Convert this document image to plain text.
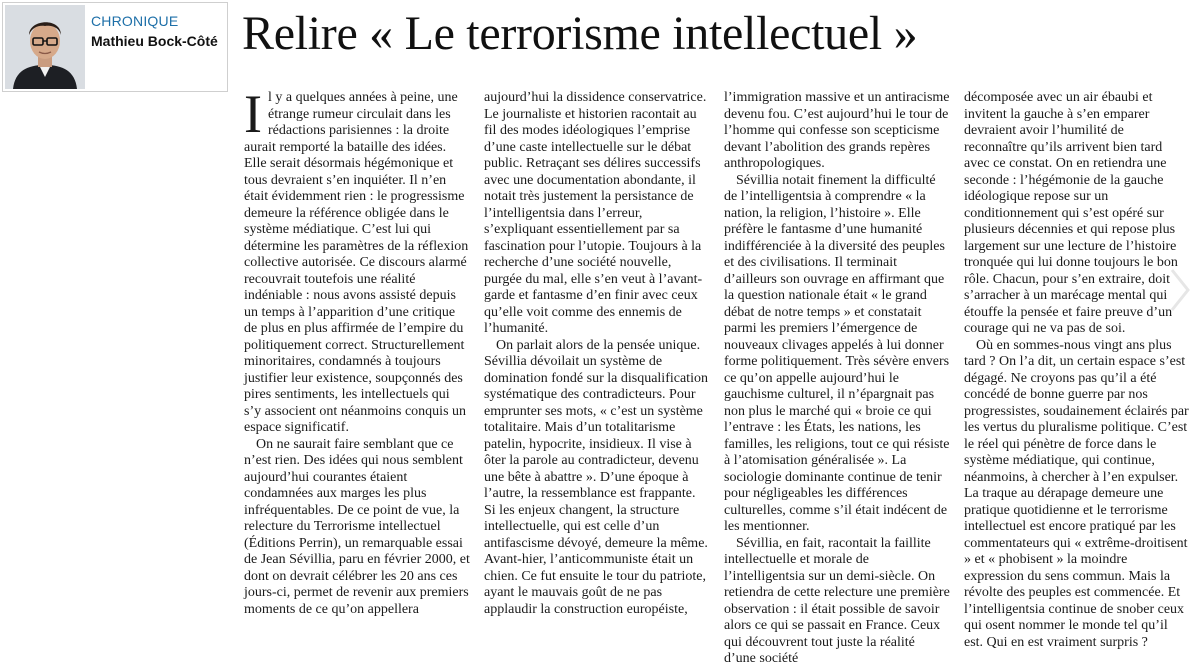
CHRONIQUE
Mathieu Bock-Côté Relire « Le terrorisme intellectuel »

Il y a quelques années à peine, une étrange rumeur circulait dans les rédactions parisiennes : la droite aurait remporté la bataille des idées. Elle serait désormais hégémonique et tous devraient s’en inquiéter. Il n’en était évidemment rien : le progressisme demeure la référence obligée dans le système médiatique. C’est lui qui détermine les paramètres de la réflexion collective autorisée. Ce discours alarmé recouvrait toutefois une réalité indéniable : nous avons assisté depuis un temps à l’apparition d’une critique de plus en plus affirmée de l’empire du politiquement correct. Structurellement minoritaires, condamnés à toujours justifier leur existence, soupçonnés des pires sentiments, les intellectuels qui s’y associent ont néanmoins conquis un espace significatif.

On ne saurait faire semblant que ce n’est rien. Des idées qui nous semblent aujourd’hui courantes étaient condamnées aux marges les plus infréquentables. De ce point de vue, la relecture du Terrorisme intellectuel (Éditions Perrin), un remarquable essai de Jean Sévillia, paru en février 2000, et dont on devrait célébrer les 20 ans ces jours-ci, permet de revenir aux premiers moments de ce qu’on appellera

aujourd’hui la dissidence conservatrice. Le journaliste et historien racontait au fil des modes idéologiques l’emprise d’une caste intellectuelle sur le débat public. Retraçant ses délires successifs avec une documentation abondante, il notait très justement la persistance de l’intelligentsia dans l’erreur, s’expliquant essentiellement par sa fascination pour l’utopie. Toujours à la recherche d’une société nouvelle, purgée du mal, elle s’en veut à l’avant-garde et fantasme d’en finir avec ceux qu’elle voit comme des ennemis de l’humanité.

On parlait alors de la pensée unique. Sévillia dévoilait un système de domination fondé sur la disqualification systématique des contradicteurs. Pour emprunter ses mots, « c’est un système totalitaire. Mais d’un totalitarisme patelin, hypocrite, insidieux. Il vise à ôter la parole au contradicteur, devenu une bête à abattre ». D’une époque à l’autre, la ressemblance est frappante. Si les enjeux changent, la structure intellectuelle, qui est celle d’un antifascisme dévoyé, demeure la même. Avant-hier, l’anticommuniste était un chien. Ce fut ensuite le tour du patriote, ayant le mauvais goût de ne pas applaudir la construction européiste,

l’immigration massive et un antiracisme devenu fou. C’est aujourd’hui le tour de l’homme qui confesse son scepticisme devant l’abolition des grands repères anthropologiques.

Sévillia notait finement la difficulté de l’intelligentsia à comprendre « la nation, la religion, l’histoire ». Elle préfère le fantasme d’une humanité indifférenciée à la diversité des peuples et des civilisations. Il terminait d’ailleurs son ouvrage en affirmant que la question nationale était « le grand débat de notre temps » et constatait parmi les premiers l’émergence de nouveaux clivages appelés à lui donner forme politiquement. Très sévère envers ce qu’on appelle aujourd’hui le gauchisme culturel, il n’épargnait pas non plus le marché qui « broie ce qui l’entrave : les États, les nations, les familles, les religions, tout ce qui résiste à l’atomisation généralisée ». La sociologie dominante continue de tenir pour négligeables les différences culturelles, comme s’il était indécent de les mentionner.

Sévillia, en fait, racontait la faillite intellectuelle et morale de l’intelligentsia sur un demi-siècle. On retiendra de cette relecture une première observation : il était possible de savoir alors ce qui se passait en France. Ceux qui découvrent tout juste la réalité d’une société

décomposée avec un air ébaubi et invitent la gauche à s’en emparer devraient avoir l’humilité de reconnaître qu’ils arrivent bien tard avec ce constat. On en retiendra une seconde : l’hégémonie de la gauche idéologique repose sur un conditionnement qui s’est opéré sur plusieurs décennies et qui repose plus largement sur une lecture de l’histoire tronquée qui lui donne toujours le bon rôle. Chacun, pour s’en extraire, doit s’arracher à un marécage mental qui étouffe la pensée et faire preuve d’un courage qui ne va pas de soi.

Où en sommes-nous vingt ans plus tard ? On l’a dit, un certain espace s’est dégagé. Ne croyons pas qu’il a été concédé de bonne guerre par nos progressistes, soudainement éclairés par les vertus du pluralisme politique. C’est le réel qui pénètre de force dans le système médiatique, qui continue, néanmoins, à chercher à l’en expulser. La traque au dérapage demeure une pratique quotidienne et le terrorisme intellectuel est encore pratiqué par les commentateurs qui « extrême-droitisent » et « phobisent » la moindre expression du sens commun. Mais la révolte des peuples est commencée. Et l’intelligentsia continue de snober ceux qui osent nommer le monde tel qu’il est. Qui en est vraiment surpris ?
